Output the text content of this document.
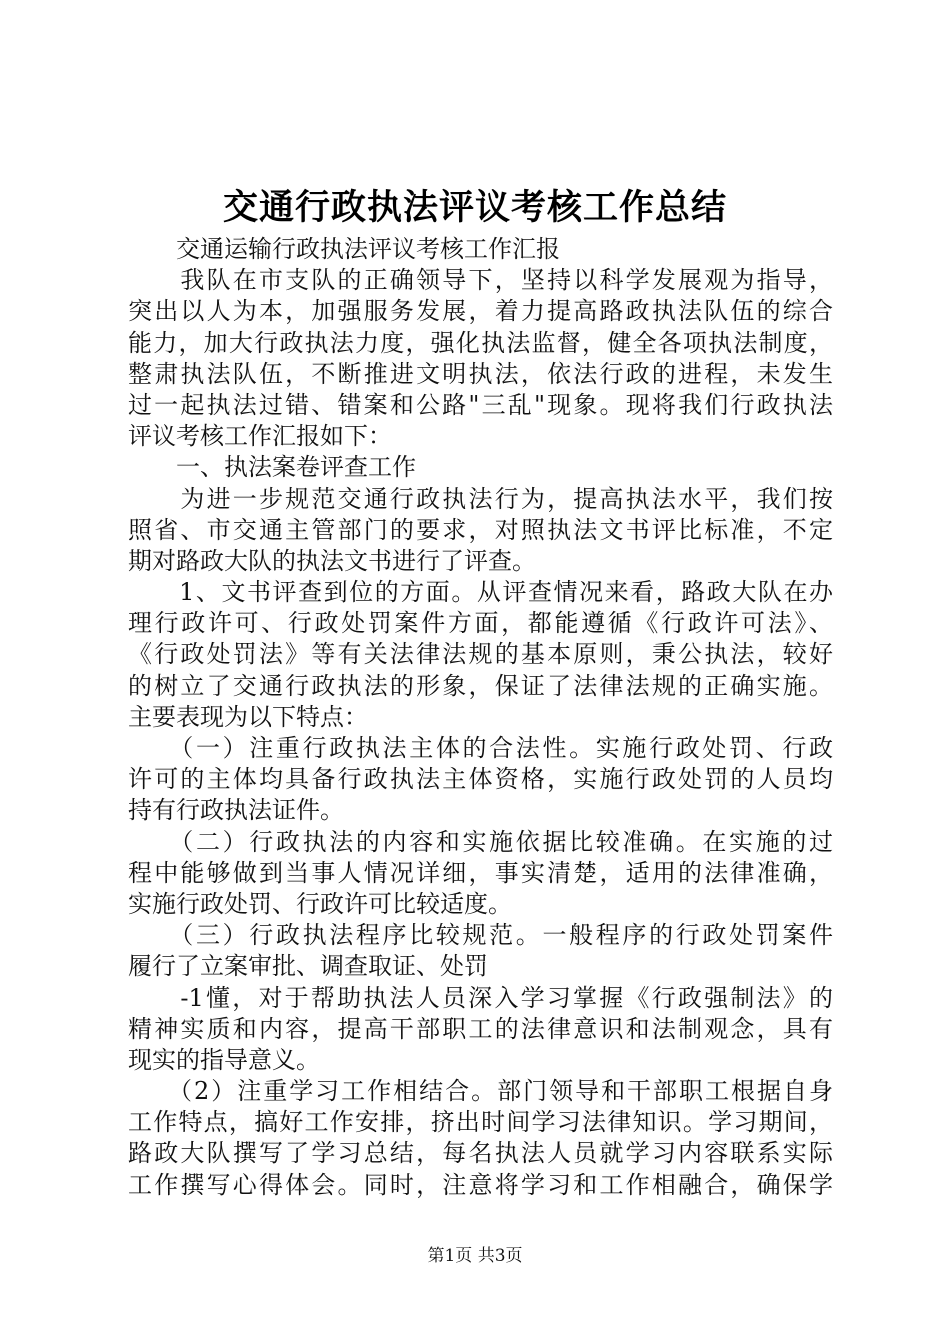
交通行政执法评议考核工作总结
　　交通运输行政执法评议考核工作汇报
　　我队在市支队的正确领导下，坚持以科学发展观为指导，
突出以人为本，加强服务发展，着力提高路政执法队伍的综合
能力，加大行政执法力度，强化执法监督，健全各项执法制度，
整肃执法队伍，不断推进文明执法，依法行政的进程，未发生
过一起执法过错、错案和公路"三乱"现象。现将我们行政执法
评议考核工作汇报如下：
　　一、执法案卷评查工作
　　为进一步规范交通行政执法行为，提高执法水平，我们按
照省、市交通主管部门的要求，对照执法文书评比标准，不定
期对路政大队的执法文书进行了评查。
　　1、文书评查到位的方面。从评查情况来看，路政大队在办
理行政许可、行政处罚案件方面，都能遵循《行政许可法》、
《行政处罚法》等有关法律法规的基本原则，秉公执法，较好
的树立了交通行政执法的形象，保证了法律法规的正确实施。
主要表现为以下特点：
　　（一）注重行政执法主体的合法性。实施行政处罚、行政
许可的主体均具备行政执法主体资格，实施行政处罚的人员均
持有行政执法证件。
　　（二）行政执法的内容和实施依据比较准确。在实施的过
程中能够做到当事人情况详细，事实清楚，适用的法律准确，
实施行政处罚、行政许可比较适度。
　　（三）行政执法程序比较规范。一般程序的行政处罚案件
履行了立案审批、调查取证、处罚
　　-1懂，对于帮助执法人员深入学习掌握《行政强制法》的
精神实质和内容，提高干部职工的法律意识和法制观念，具有
现实的指导意义。
　　（2）注重学习工作相结合。部门领导和干部职工根据自身
工作特点，搞好工作安排，挤出时间学习法律知识。学习期间，
路政大队撰写了学习总结，每名执法人员就学习内容联系实际
工作撰写心得体会。同时，注意将学习和工作相融合，确保学
第1页 共3页
